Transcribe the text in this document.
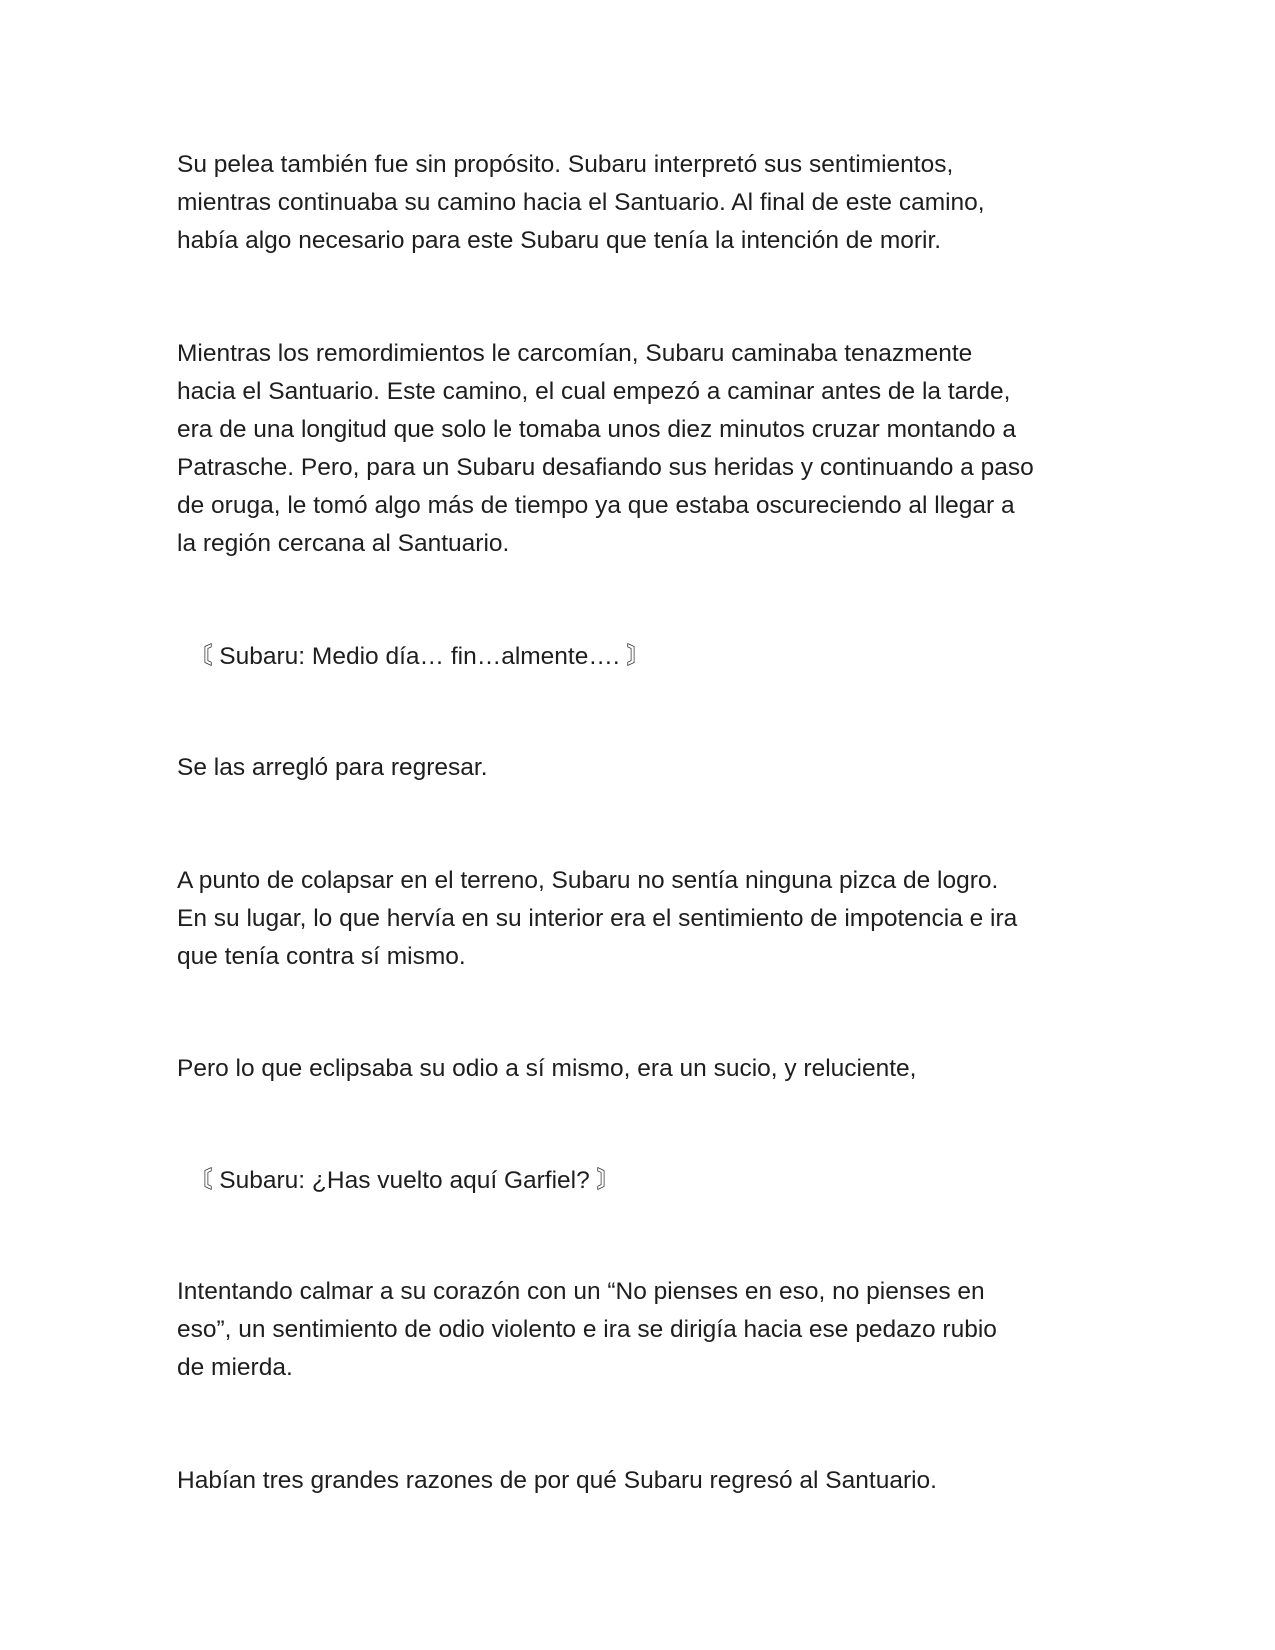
Su pelea también fue sin propósito. Subaru interpretó sus sentimientos,
mientras continuaba su camino hacia el Santuario. Al final de este camino,
había algo necesario para este Subaru que tenía la intención de morir.
Mientras los remordimientos le carcomían, Subaru caminaba tenazmente
hacia el Santuario. Este camino, el cual empezó a caminar antes de la tarde,
era de una longitud que solo le tomaba unos diez minutos cruzar montando a
Patrasche. Pero, para un Subaru desafiando sus heridas y continuando a paso
de oruga, le tomó algo más de tiempo ya que estaba oscureciendo al llegar a
la región cercana al Santuario.
〘 Subaru: Medio día… fin…almente…. 〙
Se las arregló para regresar.
A punto de colapsar en el terreno, Subaru no sentía ninguna pizca de logro.
En su lugar, lo que hervía en su interior era el sentimiento de impotencia e ira
que tenía contra sí mismo.
Pero lo que eclipsaba su odio a sí mismo, era un sucio, y reluciente,
〘 Subaru: ¿Has vuelto aquí Garfiel? 〙
Intentando calmar a su corazón con un “No pienses en eso, no pienses en
eso”, un sentimiento de odio violento e ira se dirigía hacia ese pedazo rubio
de mierda.
Habían tres grandes razones de por qué Subaru regresó al Santuario.
